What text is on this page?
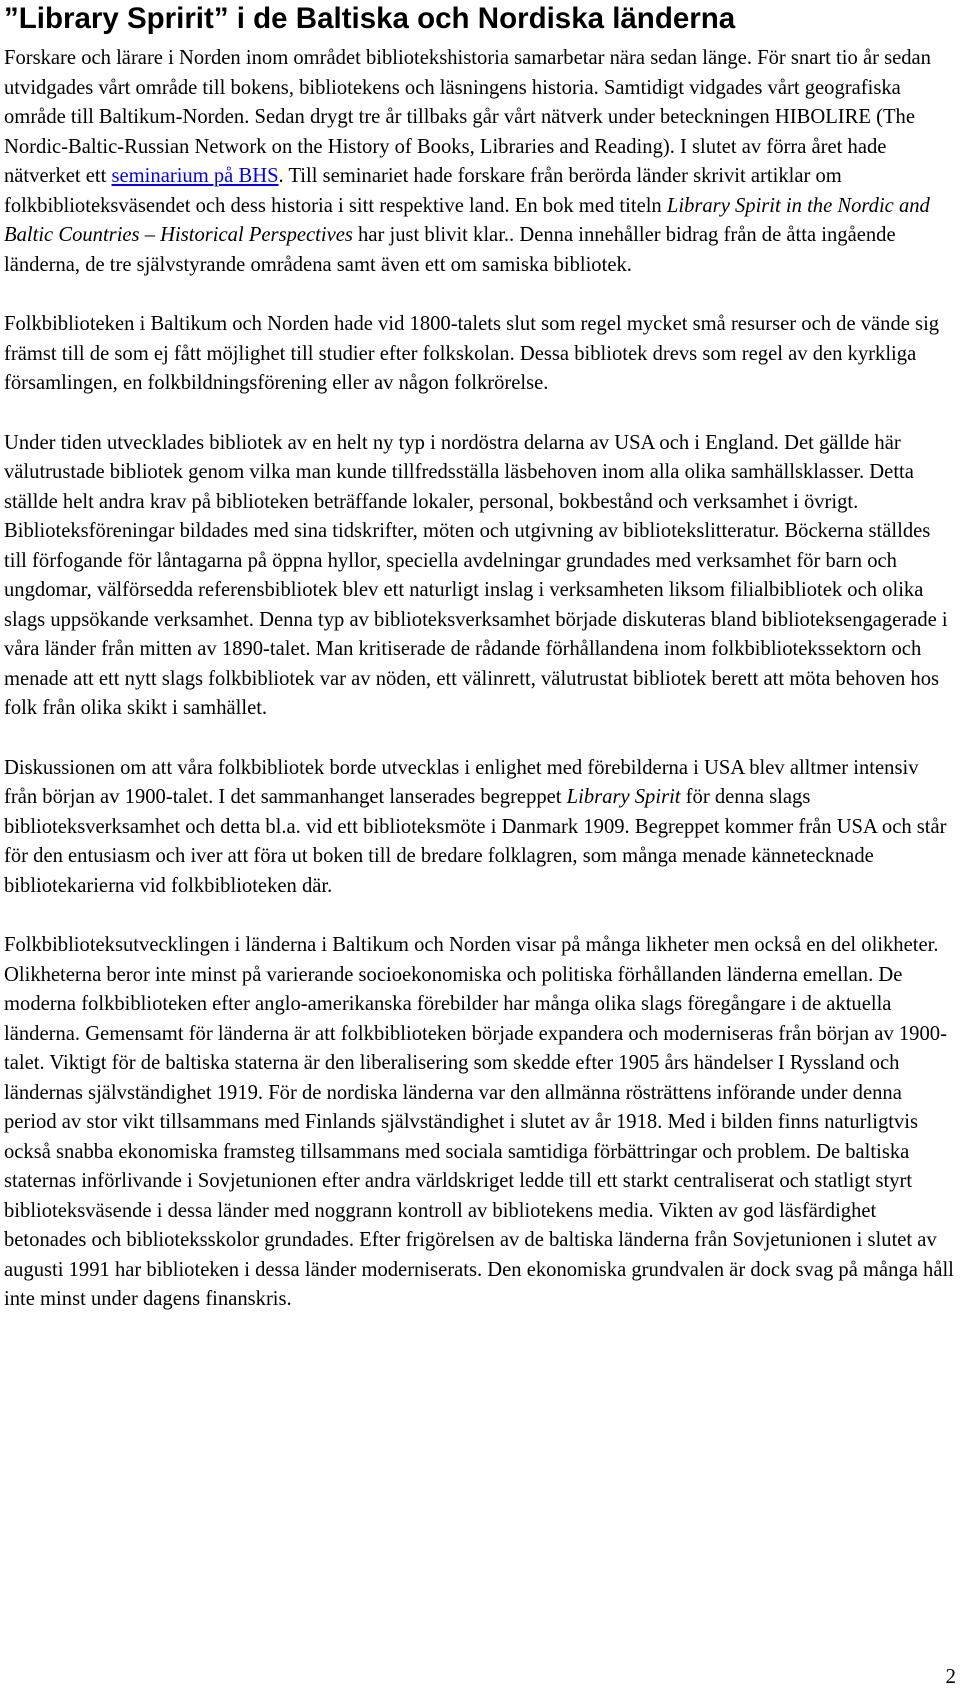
”Library Spririt” i de Baltiska och Nordiska länderna

Forskare och lärare i Norden inom området bibliotekshistoria samarbetar nära sedan länge. För snart tio år sedan utvidgades vårt område till bokens, bibliotekens och läsningens historia. Samtidigt vidgades vårt geografiska område till Baltikum-Norden. Sedan drygt tre år tillbaks går vårt nätverk under beteckningen HIBOLIRE (The Nordic-Baltic-Russian Network on the History of Books, Libraries and Reading). I slutet av förra året hade nätverket ett seminarium på BHS. Till seminariet hade forskare från berörda länder skrivit artiklar om folkbiblioteksväsendet och dess historia i sitt respektive land. En bok med titeln Library Spirit in the Nordic and Baltic Countries – Historical Perspectives har just blivit klar.. Denna innehåller bidrag från de åtta ingående länderna, de tre självstyrande områdena samt även ett om samiska bibliotek.

Folkbiblioteken i Baltikum och Norden hade vid 1800-talets slut som regel mycket små resurser och de vände sig främst till de som ej fått möjlighet till studier efter folkskolan. Dessa bibliotek drevs som regel av den kyrkliga församlingen, en folkbildningsförening eller av någon folkrörelse.

Under tiden utvecklades bibliotek av en helt ny typ i nordöstra delarna av USA och i England. Det gällde här välutrustade bibliotek genom vilka man kunde tillfredsställa läsbehoven inom alla olika samhällsklasser. Detta ställde helt andra krav på biblioteken beträffande lokaler, personal, bokbestånd och verksamhet i övrigt. Biblioteksföreningar bildades med sina tidskrifter, möten och utgivning av bibliotekslitteratur. Böckerna ställdes till förfogande för låntagarna på öppna hyllor, speciella avdelningar grundades med verksamhet för barn och ungdomar, välförsedda referensbibliotek blev ett naturligt inslag i verksamheten liksom filialbibliotek och olika slags uppsökande verksamhet. Denna typ av biblioteksverksamhet började diskuteras bland biblioteksengagerade i våra länder från mitten av 1890-talet. Man kritiserade de rådande förhållandena inom folkbibliotekssektorn och menade att ett nytt slags folkbibliotek var av nöden, ett välinrett, välutrustat bibliotek berett att möta behoven hos folk från olika skikt i samhället.

Diskussionen om att våra folkbibliotek borde utvecklas i enlighet med förebilderna i USA blev alltmer intensiv från början av 1900-talet. I det sammanhanget lanserades begreppet Library Spirit för denna slags biblioteksverksamhet och detta bl.a. vid ett biblioteksmöte i Danmark 1909. Begreppet kommer från USA och står för den entusiasm och iver att föra ut boken till de bredare folklagren, som många menade kännetecknade bibliotekarierna vid folkbiblioteken där.

Folkbiblioteksutvecklingen i länderna i Baltikum och Norden visar på många likheter men också en del olikheter. Olikheterna beror inte minst på varierande socioekonomiska och politiska förhållanden länderna emellan. De moderna folkbiblioteken efter anglo-amerikanska förebilder har många olika slags föregångare i de aktuella länderna. Gemensamt för länderna är att folkbiblioteken började expandera och moderniseras från början av 1900-talet. Viktigt för de baltiska staterna är den liberalisering som skedde efter 1905 års händelser I Ryssland och ländernas självständighet 1919. För de nordiska länderna var den allmänna rösträttens införande under denna period av stor vikt tillsammans med Finlands självständighet i slutet av år 1918. Med i bilden finns naturligtvis också snabba ekonomiska framsteg tillsammans med sociala samtidiga förbättringar och problem. De baltiska staternas införlivande i Sovjetunionen efter andra världskriget ledde till ett starkt centraliserat och statligt styrt biblioteksväsende i dessa länder med noggrann kontroll av bibliotekens media. Vikten av god läsfärdighet betonades och biblioteksskolor grundades. Efter frigörelsen av de baltiska länderna från Sovjetunionen i slutet av augusti 1991 har biblioteken i dessa länder moderniserats. Den ekonomiska grundvalen är dock svag på många håll inte minst under dagens finanskris.

2
